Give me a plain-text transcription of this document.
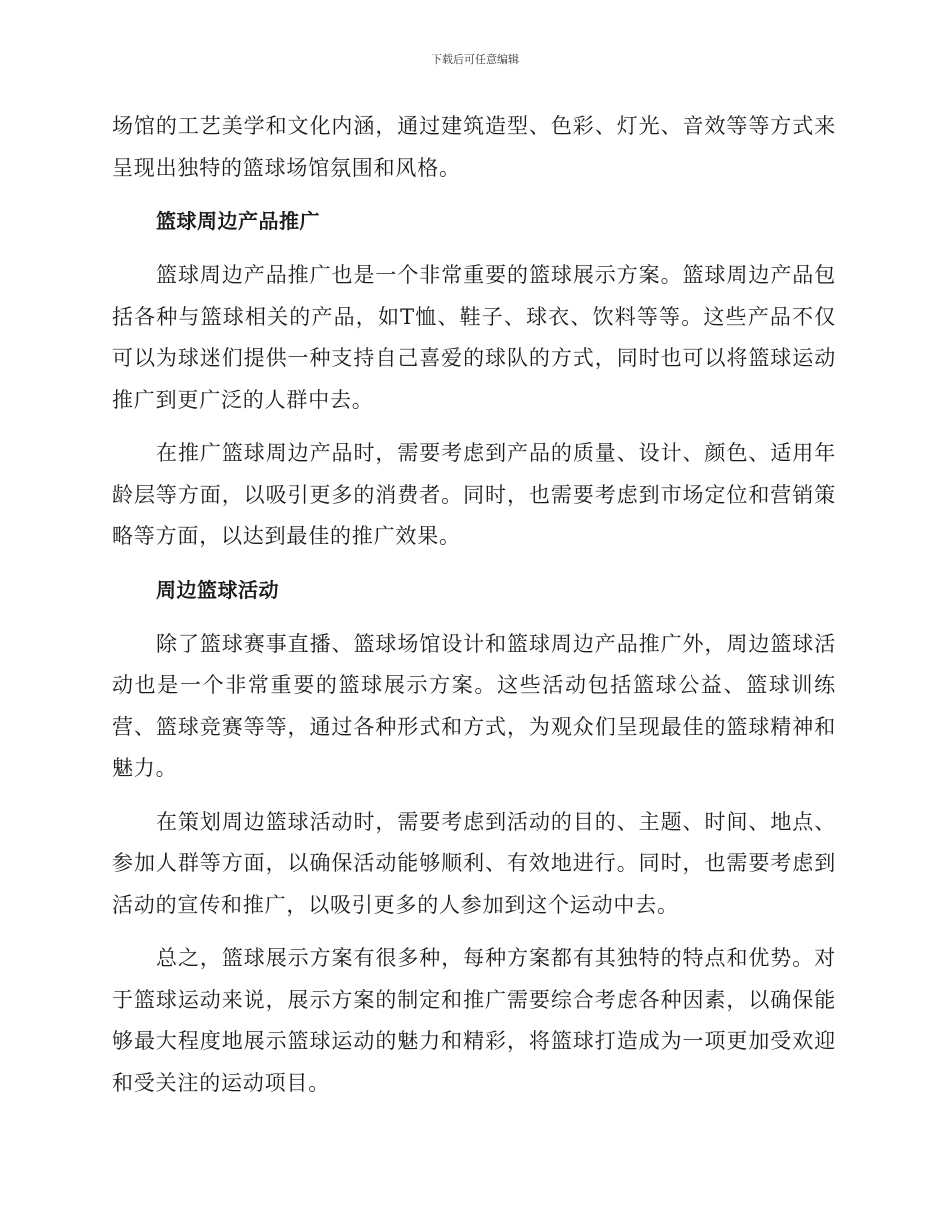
下载后可任意编辑

场馆的工艺美学和文化内涵，通过建筑造型、色彩、灯光、音效等等方式来呈现出独特的篮球场馆氛围和风格。

篮球周边产品推广

篮球周边产品推广也是一个非常重要的篮球展示方案。篮球周边产品包括各种与篮球相关的产品，如T恤、鞋子、球衣、饮料等等。这些产品不仅可以为球迷们提供一种支持自己喜爱的球队的方式，同时也可以将篮球运动推广到更广泛的人群中去。

在推广篮球周边产品时，需要考虑到产品的质量、设计、颜色、适用年龄层等方面，以吸引更多的消费者。同时，也需要考虑到市场定位和营销策略等方面，以达到最佳的推广效果。

周边篮球活动

除了篮球赛事直播、篮球场馆设计和篮球周边产品推广外，周边篮球活动也是一个非常重要的篮球展示方案。这些活动包括篮球公益、篮球训练营、篮球竞赛等等，通过各种形式和方式，为观众们呈现最佳的篮球精神和魅力。

在策划周边篮球活动时，需要考虑到活动的目的、主题、时间、地点、参加人群等方面，以确保活动能够顺利、有效地进行。同时，也需要考虑到活动的宣传和推广，以吸引更多的人参加到这个运动中去。

总之，篮球展示方案有很多种，每种方案都有其独特的特点和优势。对于篮球运动来说，展示方案的制定和推广需要综合考虑各种因素，以确保能够最大程度地展示篮球运动的魅力和精彩，将篮球打造成为一项更加受欢迎和受关注的运动项目。
